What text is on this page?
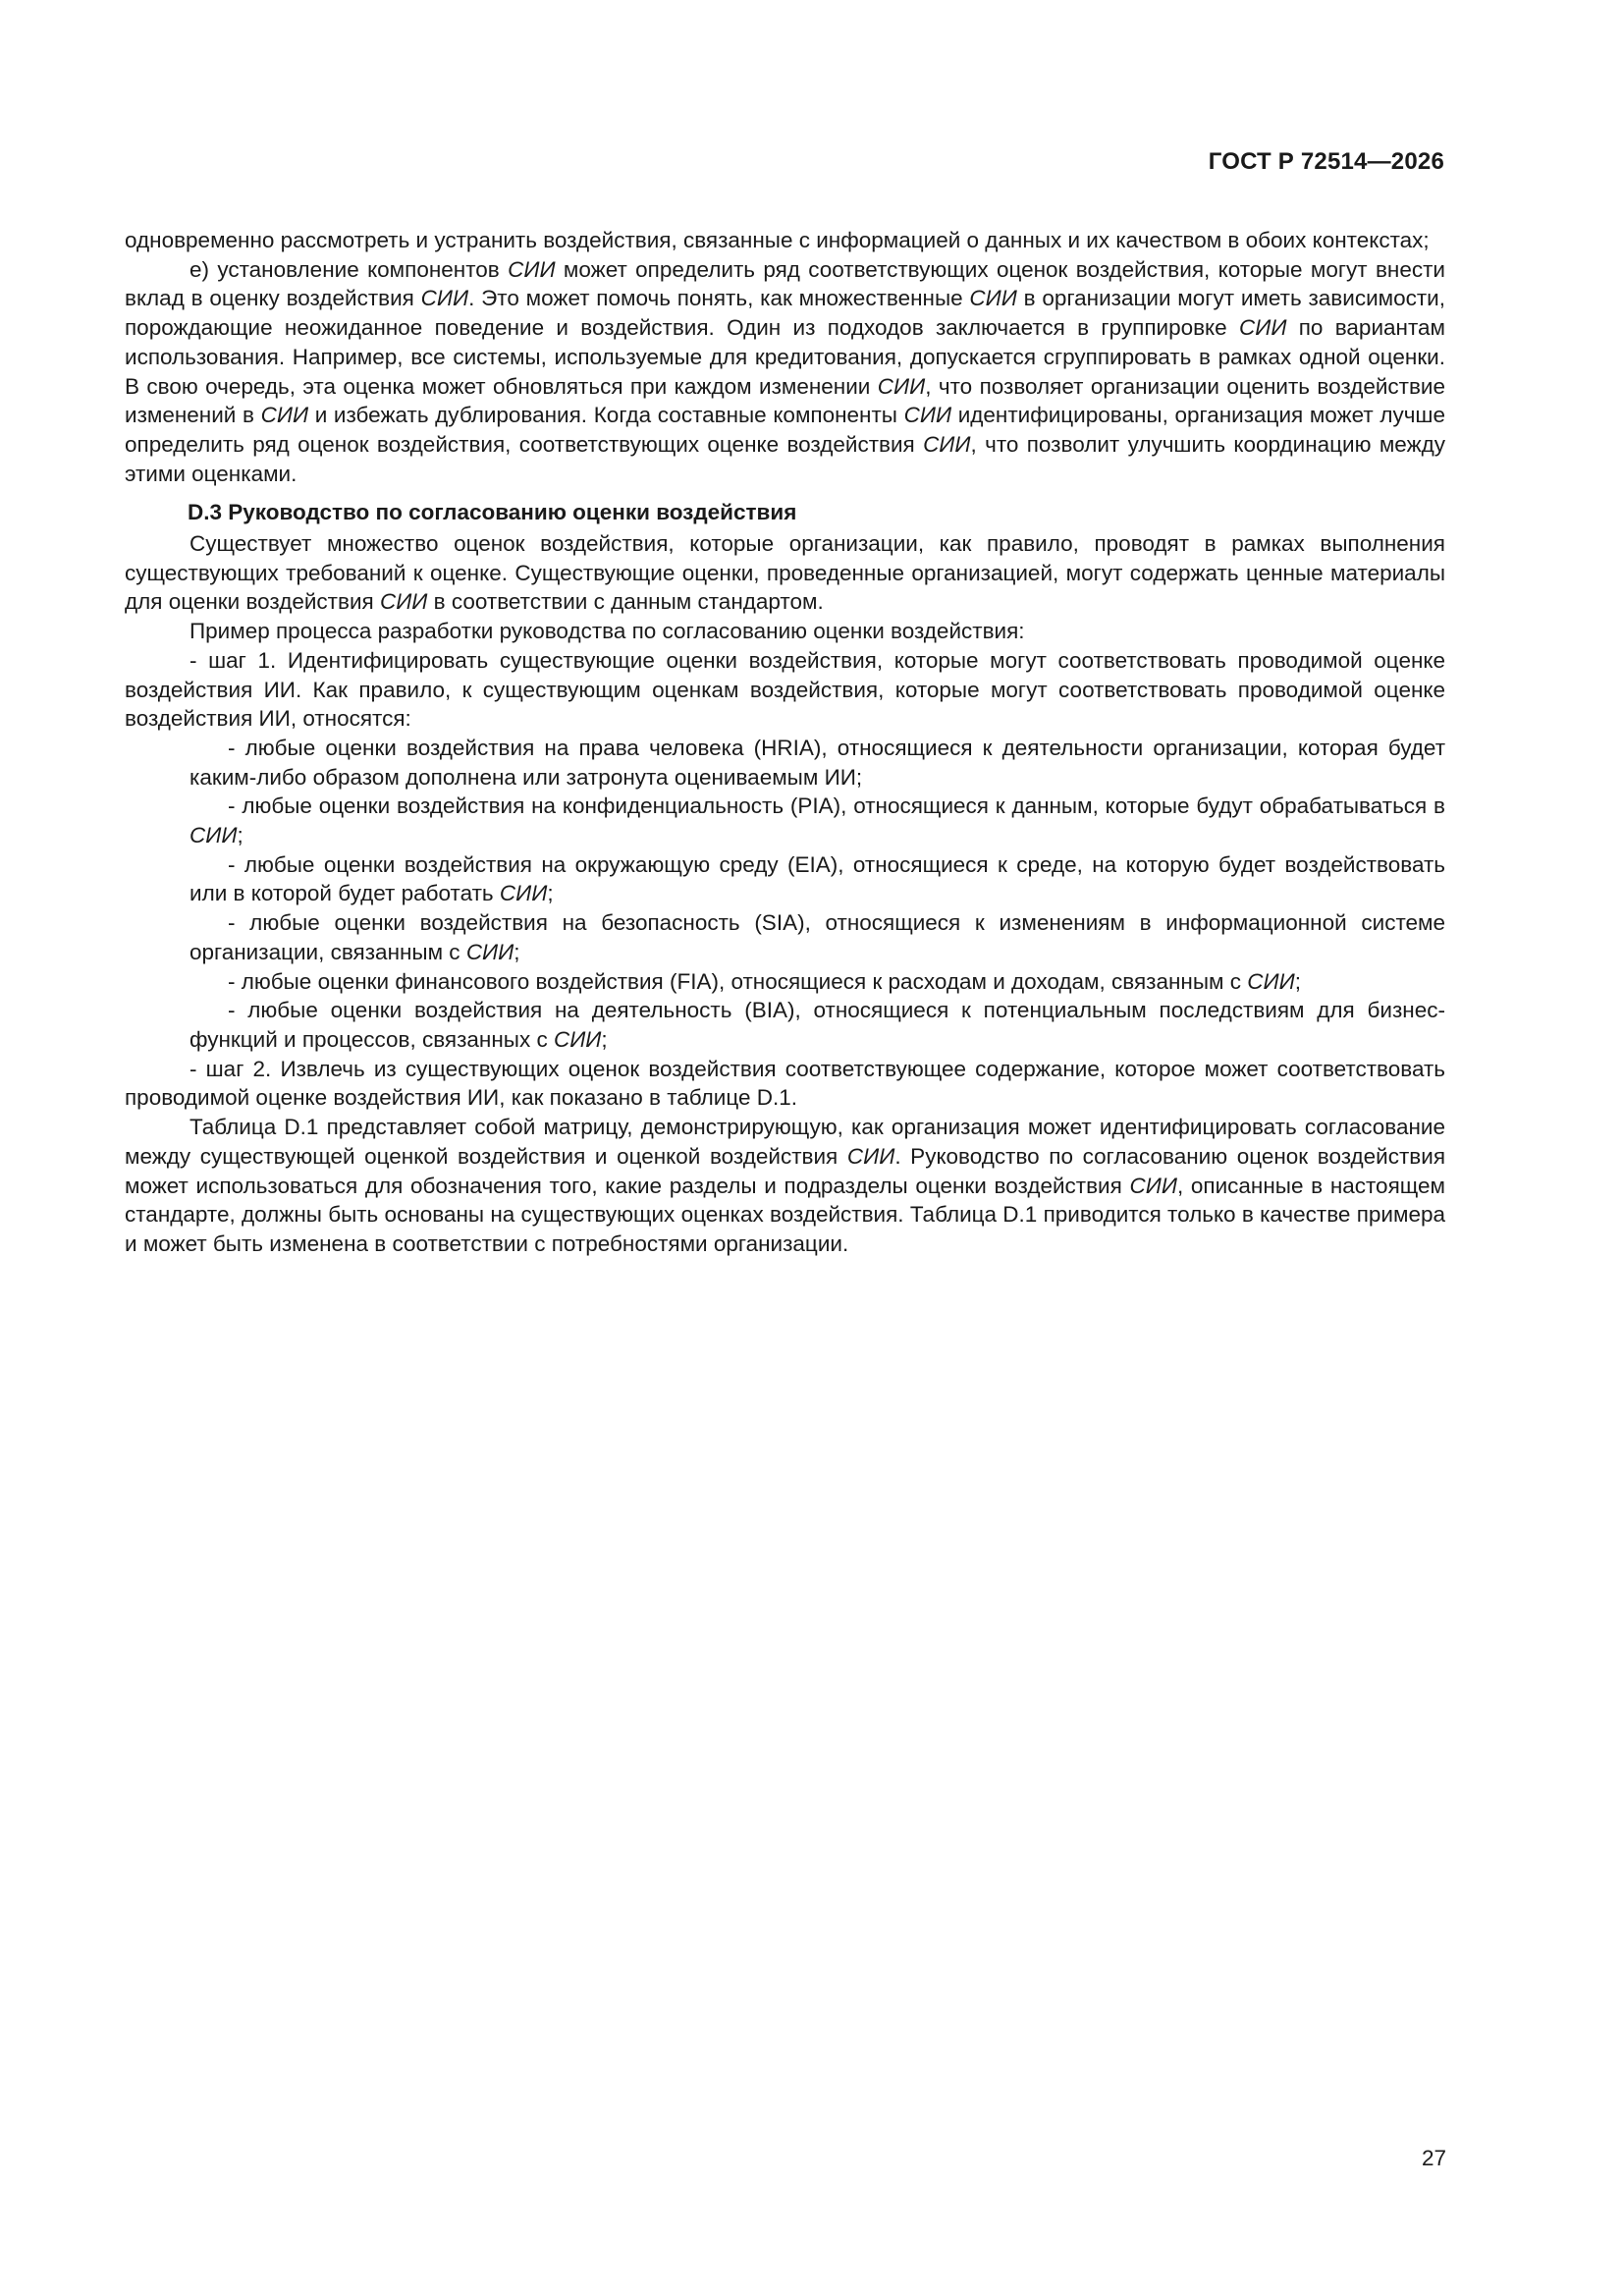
ГОСТ Р 72514—2026

одновременно рассмотреть и устранить воздействия, связанные с информацией о данных и их качеством в обоих контекстах;

е) установление компонентов СИИ может определить ряд соответствующих оценок воздействия, которые могут внести вклад в оценку воздействия СИИ. Это может помочь понять, как множественные СИИ в организации могут иметь зависимости, порождающие неожиданное поведение и воздействия. Один из подходов заключается в группировке СИИ по вариантам использования. Например, все системы, используемые для кредитования, допускается сгруппировать в рамках одной оценки. В свою очередь, эта оценка может обновляться при каждом изменении СИИ, что позволяет организации оценить воздействие изменений в СИИ и избежать дублирования. Когда составные компоненты СИИ идентифицированы, организация может лучше определить ряд оценок воздействия, соответствующих оценке воздействия СИИ, что позволит улучшить координацию между этими оценками.

D.3 Руководство по согласованию оценки воздействия

Существует множество оценок воздействия, которые организации, как правило, проводят в рамках выполнения существующих требований к оценке. Существующие оценки, проведенные организацией, могут содержать ценные материалы для оценки воздействия СИИ в соответствии с данным стандартом.

Пример процесса разработки руководства по согласованию оценки воздействия:

- шаг 1. Идентифицировать существующие оценки воздействия, которые могут соответствовать проводимой оценке воздействия ИИ. Как правило, к существующим оценкам воздействия, которые могут соответствовать проводимой оценке воздействия ИИ, относятся:

- любые оценки воздействия на права человека (HRIA), относящиеся к деятельности организации, которая будет каким-либо образом дополнена или затронута оцениваемым ИИ;

- любые оценки воздействия на конфиденциальность (PIA), относящиеся к данным, которые будут обрабатываться в СИИ;

- любые оценки воздействия на окружающую среду (EIA), относящиеся к среде, на которую будет воздействовать или в которой будет работать СИИ;

- любые оценки воздействия на безопасность (SIA), относящиеся к изменениям в информационной системе организации, связанным с СИИ;

- любые оценки финансового воздействия (FIA), относящиеся к расходам и доходам, связанным с СИИ;

- любые оценки воздействия на деятельность (BIA), относящиеся к потенциальным последствиям для бизнес-функций и процессов, связанных с СИИ;

- шаг 2. Извлечь из существующих оценок воздействия соответствующее содержание, которое может соответствовать проводимой оценке воздействия ИИ, как показано в таблице D.1.

Таблица D.1 представляет собой матрицу, демонстрирующую, как организация может идентифицировать согласование между существующей оценкой воздействия и оценкой воздействия СИИ. Руководство по согласованию оценок воздействия может использоваться для обозначения того, какие разделы и подразделы оценки воздействия СИИ, описанные в настоящем стандарте, должны быть основаны на существующих оценках воздействия. Таблица D.1 приводится только в качестве примера и может быть изменена в соответствии с потребностями организации.

27
